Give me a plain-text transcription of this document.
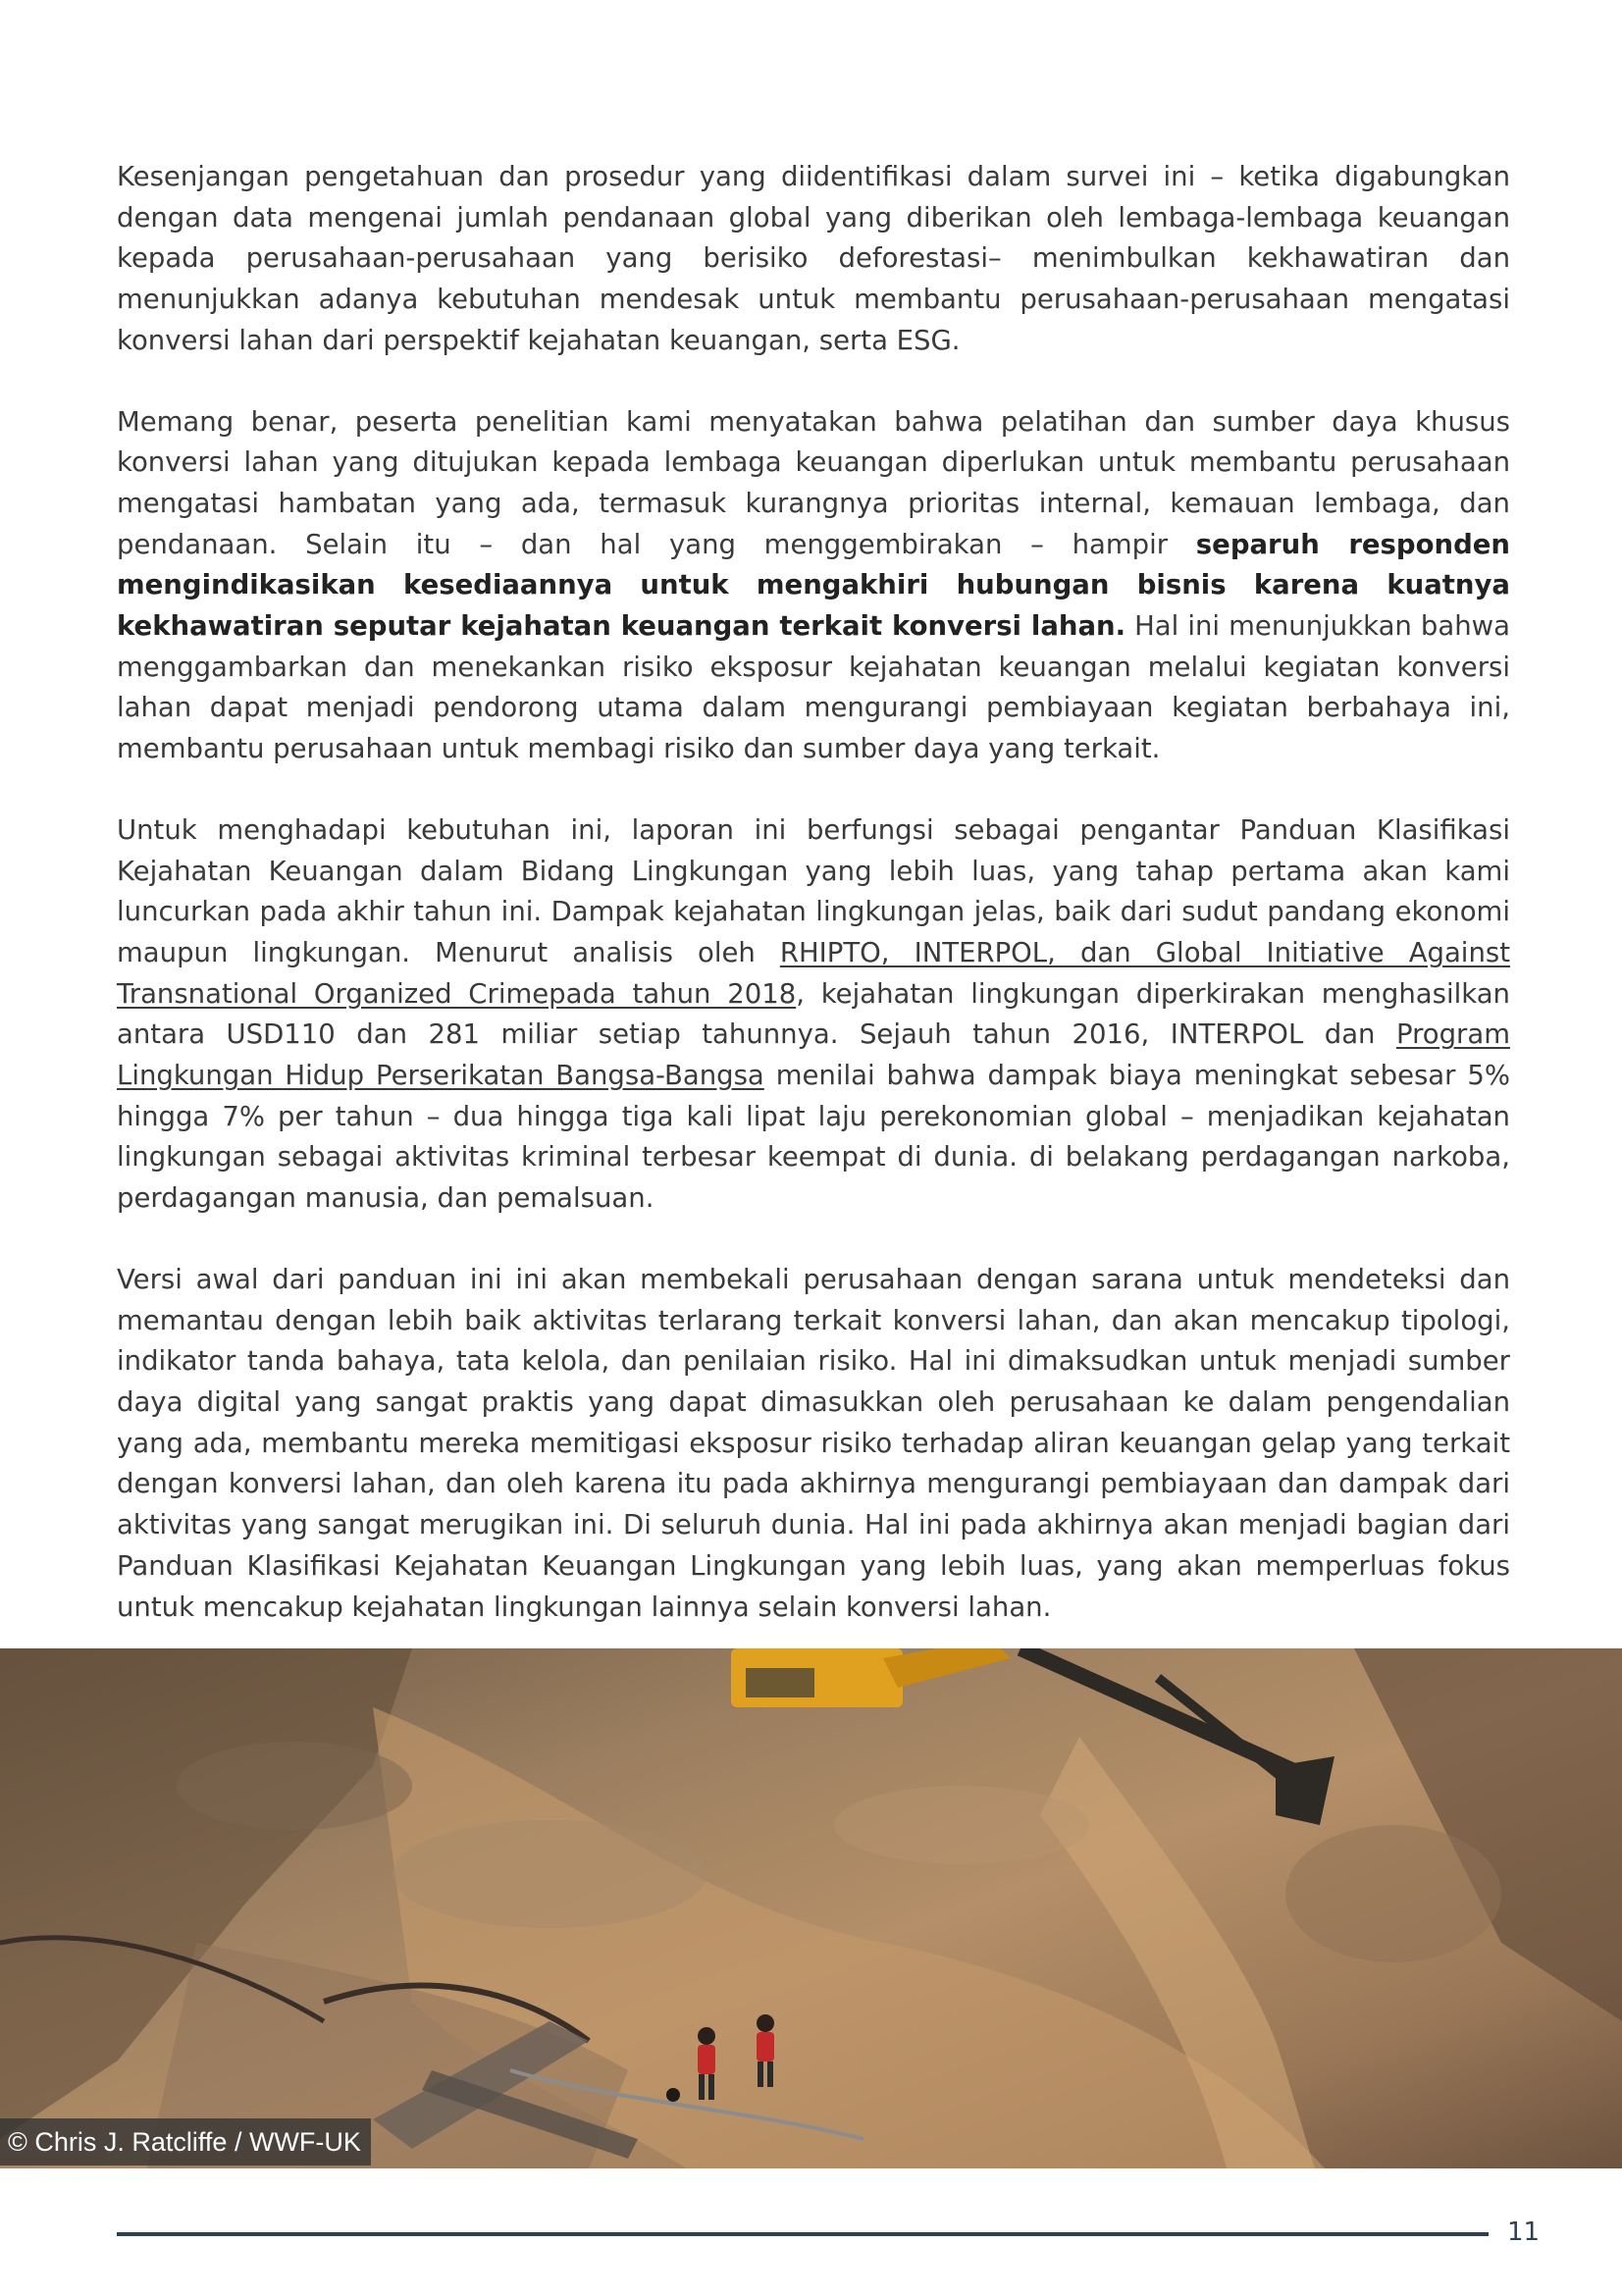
Kesenjangan pengetahuan dan prosedur yang diidentifikasi dalam survei ini – ketika digabungkan dengan data mengenai jumlah pendanaan global yang diberikan oleh lembaga-lembaga keuangan kepada perusahaan-perusahaan yang berisiko deforestasi– menimbulkan kekhawatiran dan menunjukkan adanya kebutuhan mendesak untuk membantu perusahaan-perusahaan mengatasi konversi lahan dari perspektif kejahatan keuangan, serta ESG.

Memang benar, peserta penelitian kami menyatakan bahwa pelatihan dan sumber daya khusus konversi lahan yang ditujukan kepada lembaga keuangan diperlukan untuk membantu perusahaan mengatasi hambatan yang ada, termasuk kurangnya prioritas internal, kemauan lembaga, dan pendanaan. Selain itu – dan hal yang menggembirakan – hampir separuh responden mengindikasikan kesediaannya untuk mengakhiri hubungan bisnis karena kuatnya kekhawatiran seputar kejahatan keuangan terkait konversi lahan. Hal ini menunjukkan bahwa menggambarkan dan menekankan risiko eksposur kejahatan keuangan melalui kegiatan konversi lahan dapat menjadi pendorong utama dalam mengurangi pembiayaan kegiatan berbahaya ini, membantu perusahaan untuk membagi risiko dan sumber daya yang terkait.

Untuk menghadapi kebutuhan ini, laporan ini berfungsi sebagai pengantar Panduan Klasifikasi Kejahatan Keuangan dalam Bidang Lingkungan yang lebih luas, yang tahap pertama akan kami luncurkan pada akhir tahun ini. Dampak kejahatan lingkungan jelas, baik dari sudut pandang ekonomi maupun lingkungan. Menurut analisis oleh RHIPTO, INTERPOL, dan Global Initiative Against Transnational Organized Crimepada tahun 2018, kejahatan lingkungan diperkirakan menghasilkan antara USD110 dan 281 miliar setiap tahunnya. Sejauh tahun 2016, INTERPOL dan Program Lingkungan Hidup Perserikatan Bangsa-Bangsa menilai bahwa dampak biaya meningkat sebesar 5% hingga 7% per tahun – dua hingga tiga kali lipat laju perekonomian global – menjadikan kejahatan lingkungan sebagai aktivitas kriminal terbesar keempat di dunia. di belakang perdagangan narkoba, perdagangan manusia, dan pemalsuan.

Versi awal dari panduan ini ini akan membekali perusahaan dengan sarana untuk mendeteksi dan memantau dengan lebih baik aktivitas terlarang terkait konversi lahan, dan akan mencakup tipologi, indikator tanda bahaya, tata kelola, dan penilaian risiko. Hal ini dimaksudkan untuk menjadi sumber daya digital yang sangat praktis yang dapat dimasukkan oleh perusahaan ke dalam pengendalian yang ada, membantu mereka memitigasi eksposur risiko terhadap aliran keuangan gelap yang terkait dengan konversi lahan, dan oleh karena itu pada akhirnya mengurangi pembiayaan dan dampak dari aktivitas yang sangat merugikan ini. Di seluruh dunia. Hal ini pada akhirnya akan menjadi bagian dari Panduan Klasifikasi Kejahatan Keuangan Lingkungan yang lebih luas, yang akan memperluas fokus untuk mencakup kejahatan lingkungan lainnya selain konversi lahan.

© Chris J. Ratcliffe / WWF-UK
11
